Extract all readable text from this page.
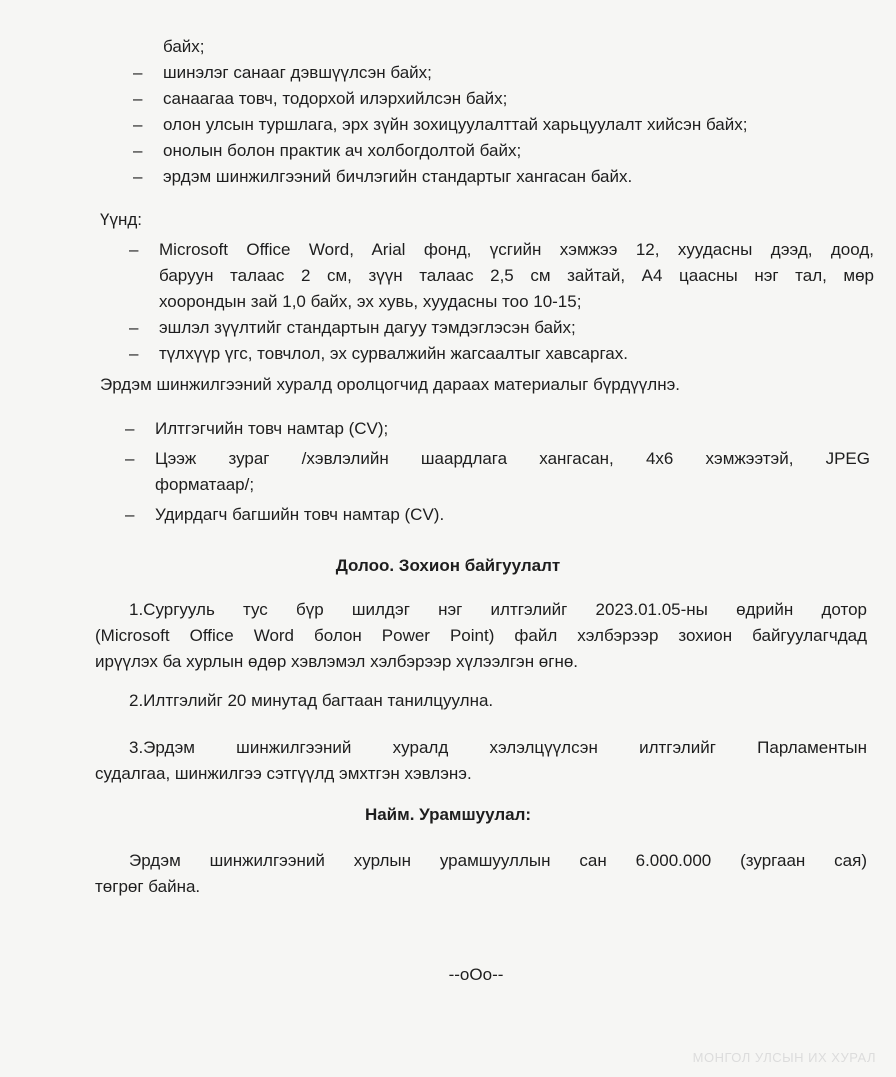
байх;
– шинэлэг санааг дэвшүүлсэн байх;
– санаагаа товч, тодорхой илэрхийлсэн байх;
– олон улсын туршлага, эрх зүйн зохицуулалттай харьцуулалт хийсэн байх;
– онолын болон практик ач холбогдолтой байх;
– эрдэм шинжилгээний бичлэгийн стандартыг хангасан байх.
Үүнд:
– Microsoft Office Word, Arial фонд, үсгийн хэмжээ 12, хуудасны дээд, доод,
баруун талаас 2 см, зүүн талаас 2,5 см зайтай, А4 цаасны нэг тал, мөр
хоорондын зай 1,0 байх, эх хувь, хуудасны тоо 10-15;
– эшлэл зүүлтийг стандартын дагуу тэмдэглэсэн байх;
– түлхүүр үгс, товчлол, эх сурвалжийн жагсаалтыг хавсаргах.
Эрдэм шинжилгээний хуралд оролцогчид дараах материалыг бүрдүүлнэ.
– Илтгэгчийн товч намтар (CV);
– Цээж зураг /хэвлэлийн шаардлага хангасан, 4х6 хэмжээтэй, JPEG
форматаар/;
– Удирдагч багшийн товч намтар (CV).
Долоо. Зохион байгуулалт
1.Сургууль тус бүр шилдэг нэг илтгэлийг 2023.01.05-ны өдрийн дотор
(Microsoft Office Word болон Power Point) файл хэлбэрээр зохион байгуулагчдад
ирүүлэх ба хурлын өдөр хэвлэмэл хэлбэрээр хүлээлгэн өгнө.
2.Илтгэлийг 20 минутад багтаан танилцуулна.
3.Эрдэм шинжилгээний хуралд хэлэлцүүлсэн илтгэлийг Парламентын
судалгаа, шинжилгээ сэтгүүлд эмхтгэн хэвлэнэ.
Найм. Урамшуулал:
Эрдэм шинжилгээний хурлын урамшууллын сан 6.000.000 (зургаан сая)
төгрөг байна.
--oOo--
МОНГОЛ УЛСЫН ИХ ХУРАЛ
